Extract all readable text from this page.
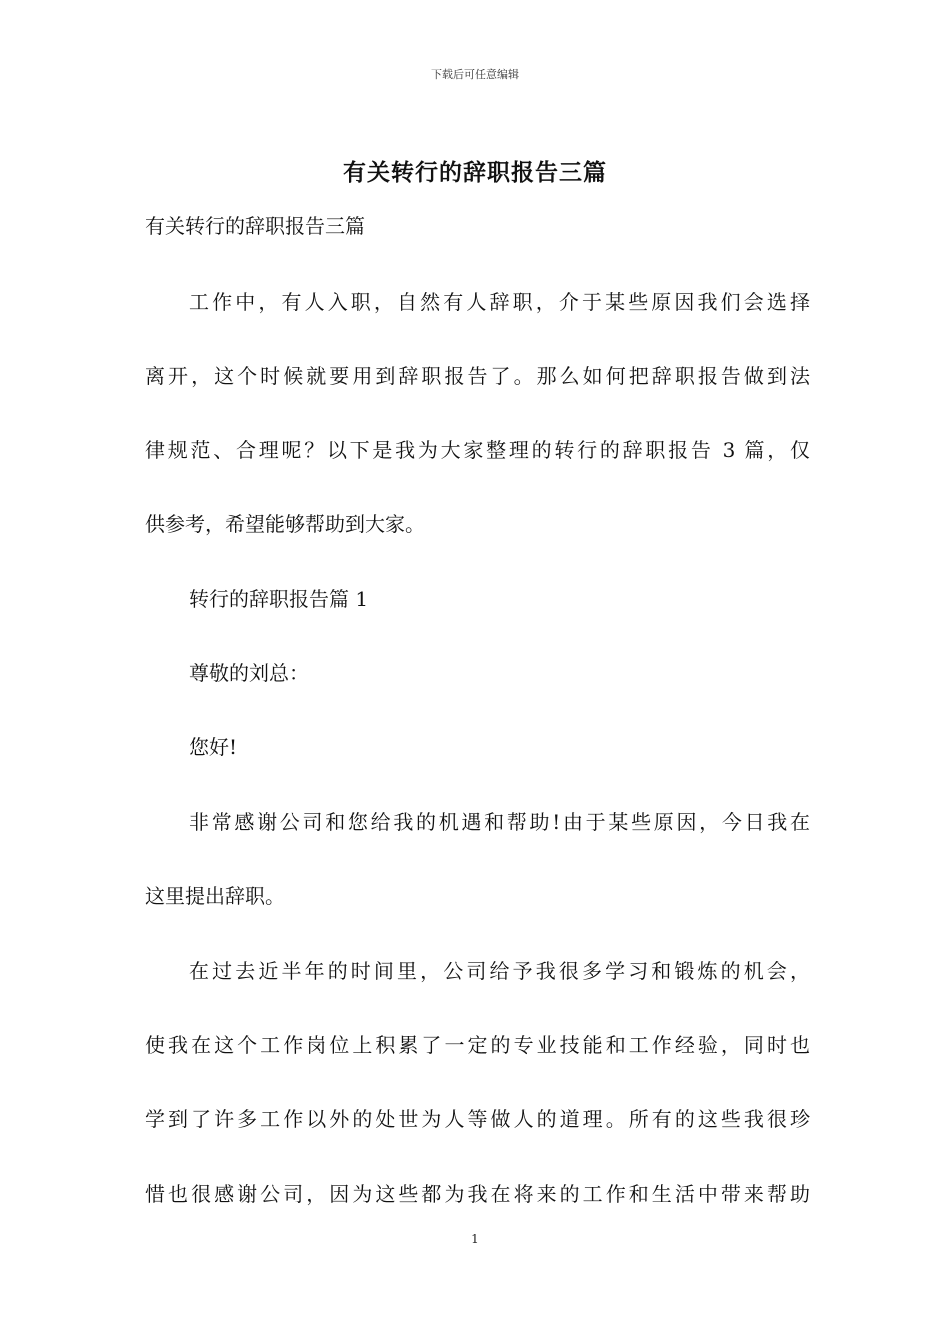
下载后可任意编辑
有关转行的辞职报告三篇
有关转行的辞职报告三篇
工作中，有人入职，自然有人辞职，介于某些原因我们会选择
离开，这个时候就要用到辞职报告了。那么如何把辞职报告做到法
律规范、合理呢？以下是我为大家整理的转行的辞职报告 3 篇，仅
供参考，希望能够帮助到大家。
转行的辞职报告篇 1
尊敬的刘总：
您好!
非常感谢公司和您给我的机遇和帮助!由于某些原因，今日我在
这里提出辞职。
在过去近半年的时间里，公司给予我很多学习和锻炼的机会，
使我在这个工作岗位上积累了一定的专业技能和工作经验，同时也
学到了许多工作以外的处世为人等做人的道理。所有的这些我很珍
惜也很感谢公司，因为这些都为我在将来的工作和生活中带来帮助
1
